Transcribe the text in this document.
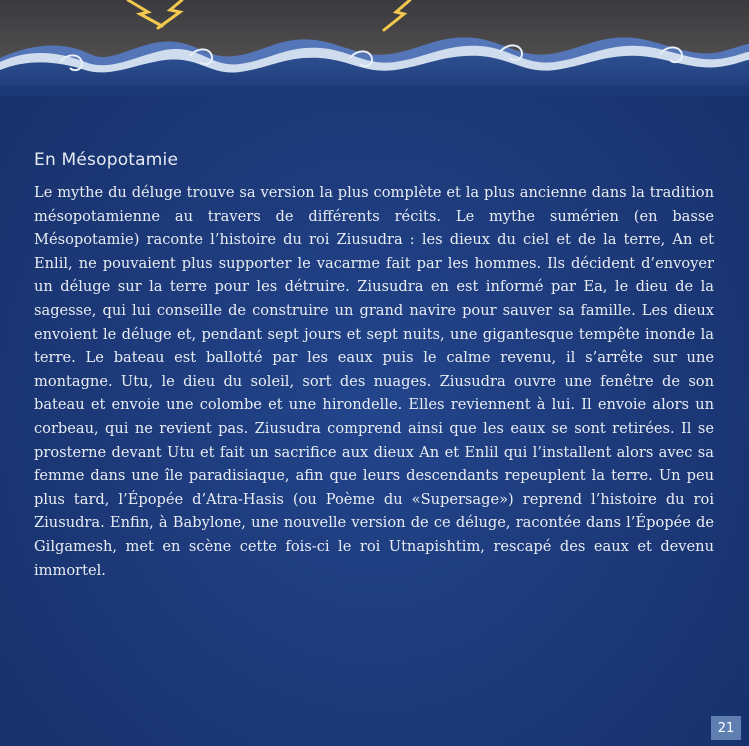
En Mésopotamie

Le mythe du déluge trouve sa version la plus complète et la plus ancienne dans la tradition mésopotamienne au travers de différents récits. Le mythe sumérien (en basse Mésopotamie) raconte l’histoire du roi Ziusudra : les dieux du ciel et de la terre, An et Enlil, ne pouvaient plus supporter le vacarme fait par les hommes. Ils décident d’envoyer un déluge sur la terre pour les détruire. Ziusudra en est informé par Ea, le dieu de la sagesse, qui lui conseille de construire un grand navire pour sauver sa famille. Les dieux envoient le déluge et, pendant sept jours et sept nuits, une gigantesque tempête inonde la terre. Le bateau est ballotté par les eaux puis le calme revenu, il s’arrête sur une montagne. Utu, le dieu du soleil, sort des nuages. Ziusudra ouvre une fenêtre de son bateau et envoie une colombe et une hirondelle. Elles reviennent à lui. Il envoie alors un corbeau, qui ne revient pas. Ziusudra comprend ainsi que les eaux se sont retirées. Il se prosterne devant Utu et fait un sacrifice aux dieux An et Enlil qui l’installent alors avec sa femme dans une île paradisiaque, afin que leurs descendants repeuplent la terre. Un peu plus tard, l’Épopée d’Atra-Hasis (ou Poème du «Supersage») reprend l’histoire du roi Ziusudra. Enfin, à Babylone, une nouvelle version de ce déluge, racontée dans l’Épopée de Gilgamesh, met en scène cette fois-ci le roi Utnapishtim, rescapé des eaux et devenu immortel.

21
